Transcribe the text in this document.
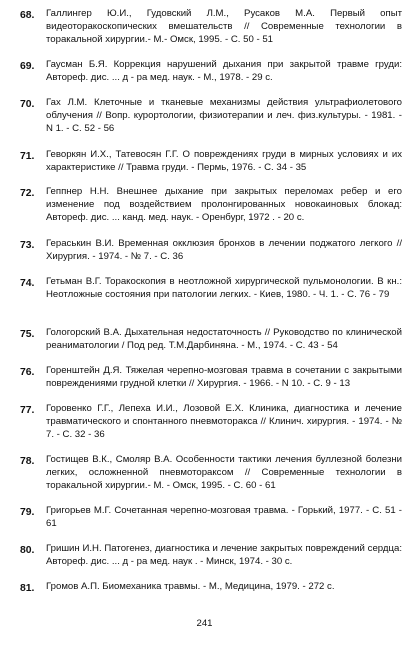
68.	Галлингер Ю.И., Гудовский Л.М., Русаков М.А. Первый опыт видеоторакоскопических вмешательств // Современные технологии в торакальной хирургии.- М.- Омск, 1995. - С. 50 - 51
69.	Гаусман Б.Я. Коррекция нарушений дыхания при закрытой травме груди: Автореф. дис. ... д - ра мед. наук. - М., 1978. - 29 с.
70.	Гах Л.М. Клеточные и тканевые механизмы действия ультрафиолетового облучения // Вопр. курортологии, физиотерапии и леч. физ.культуры. - 1981. - N 1. - С. 52 - 56
71.	Геворкян И.Х., Татевосян Г.Г. О повреждениях груди в мирных условиях и их характеристике // Травма груди. - Пермь, 1976. - С. 34 - 35
72.	Геппнер Н.Н. Внешнее дыхание при закрытых переломах ребер и его изменение под воздействием пролонгированных новокаиновых блокад: Автореф. дис. ... канд. мед. наук. - Оренбург, 1972 . - 20 с.
73.	Гераськин В.И. Временная окклюзия бронхов в лечении поджатого легкого // Хирургия. - 1974. - № 7. - С. 36
74.	Гетьман В.Г. Торакоскопия в неотложной хирургической пульмонологии. В кн.: Неотложные состояния при патологии легких. - Киев, 1980. - Ч. 1. - С. 76 - 79
75.	Гологорский В.А. Дыхательная недостаточность // Руководство по клинической реаниматологии / Под ред. Т.М.Дарбиняна. - М., 1974. - С. 43 - 54
76.	Горенштейн Д.Я. Тяжелая черепно-мозговая травма в сочетании с закрытыми повреждениями грудной клетки // Хирургия. - 1966. - N 10. - С. 9 - 13
77.	Горовенко Г.Г., Лепеха И.И., Лозовой Е.Х. Клиника, диагностика и лечение травматического и спонтанного пневмоторакса // Клинич. хирургия. - 1974. - № 7. - С. 32 - 36
78.	Гостищев В.К., Смоляр В.А. Особенности тактики лечения буллезной болезни легких, осложненной пневмотораксом // Современные технологии в торакальной хирургии.- М. - Омск, 1995. - С. 60 - 61
79.	Григорьев М.Г. Сочетанная черепно-мозговая травма. - Горький, 1977. - С. 51 - 61
80.	Гришин И.Н. Патогенез, диагностика и лечение закрытых повреждений сердца: Автореф. дис. ... д - ра мед. наук . - Минск, 1974. - 30 с.
81.	Громов А.П. Биомеханика травмы. - М., Медицина, 1979. - 272 с.
241
